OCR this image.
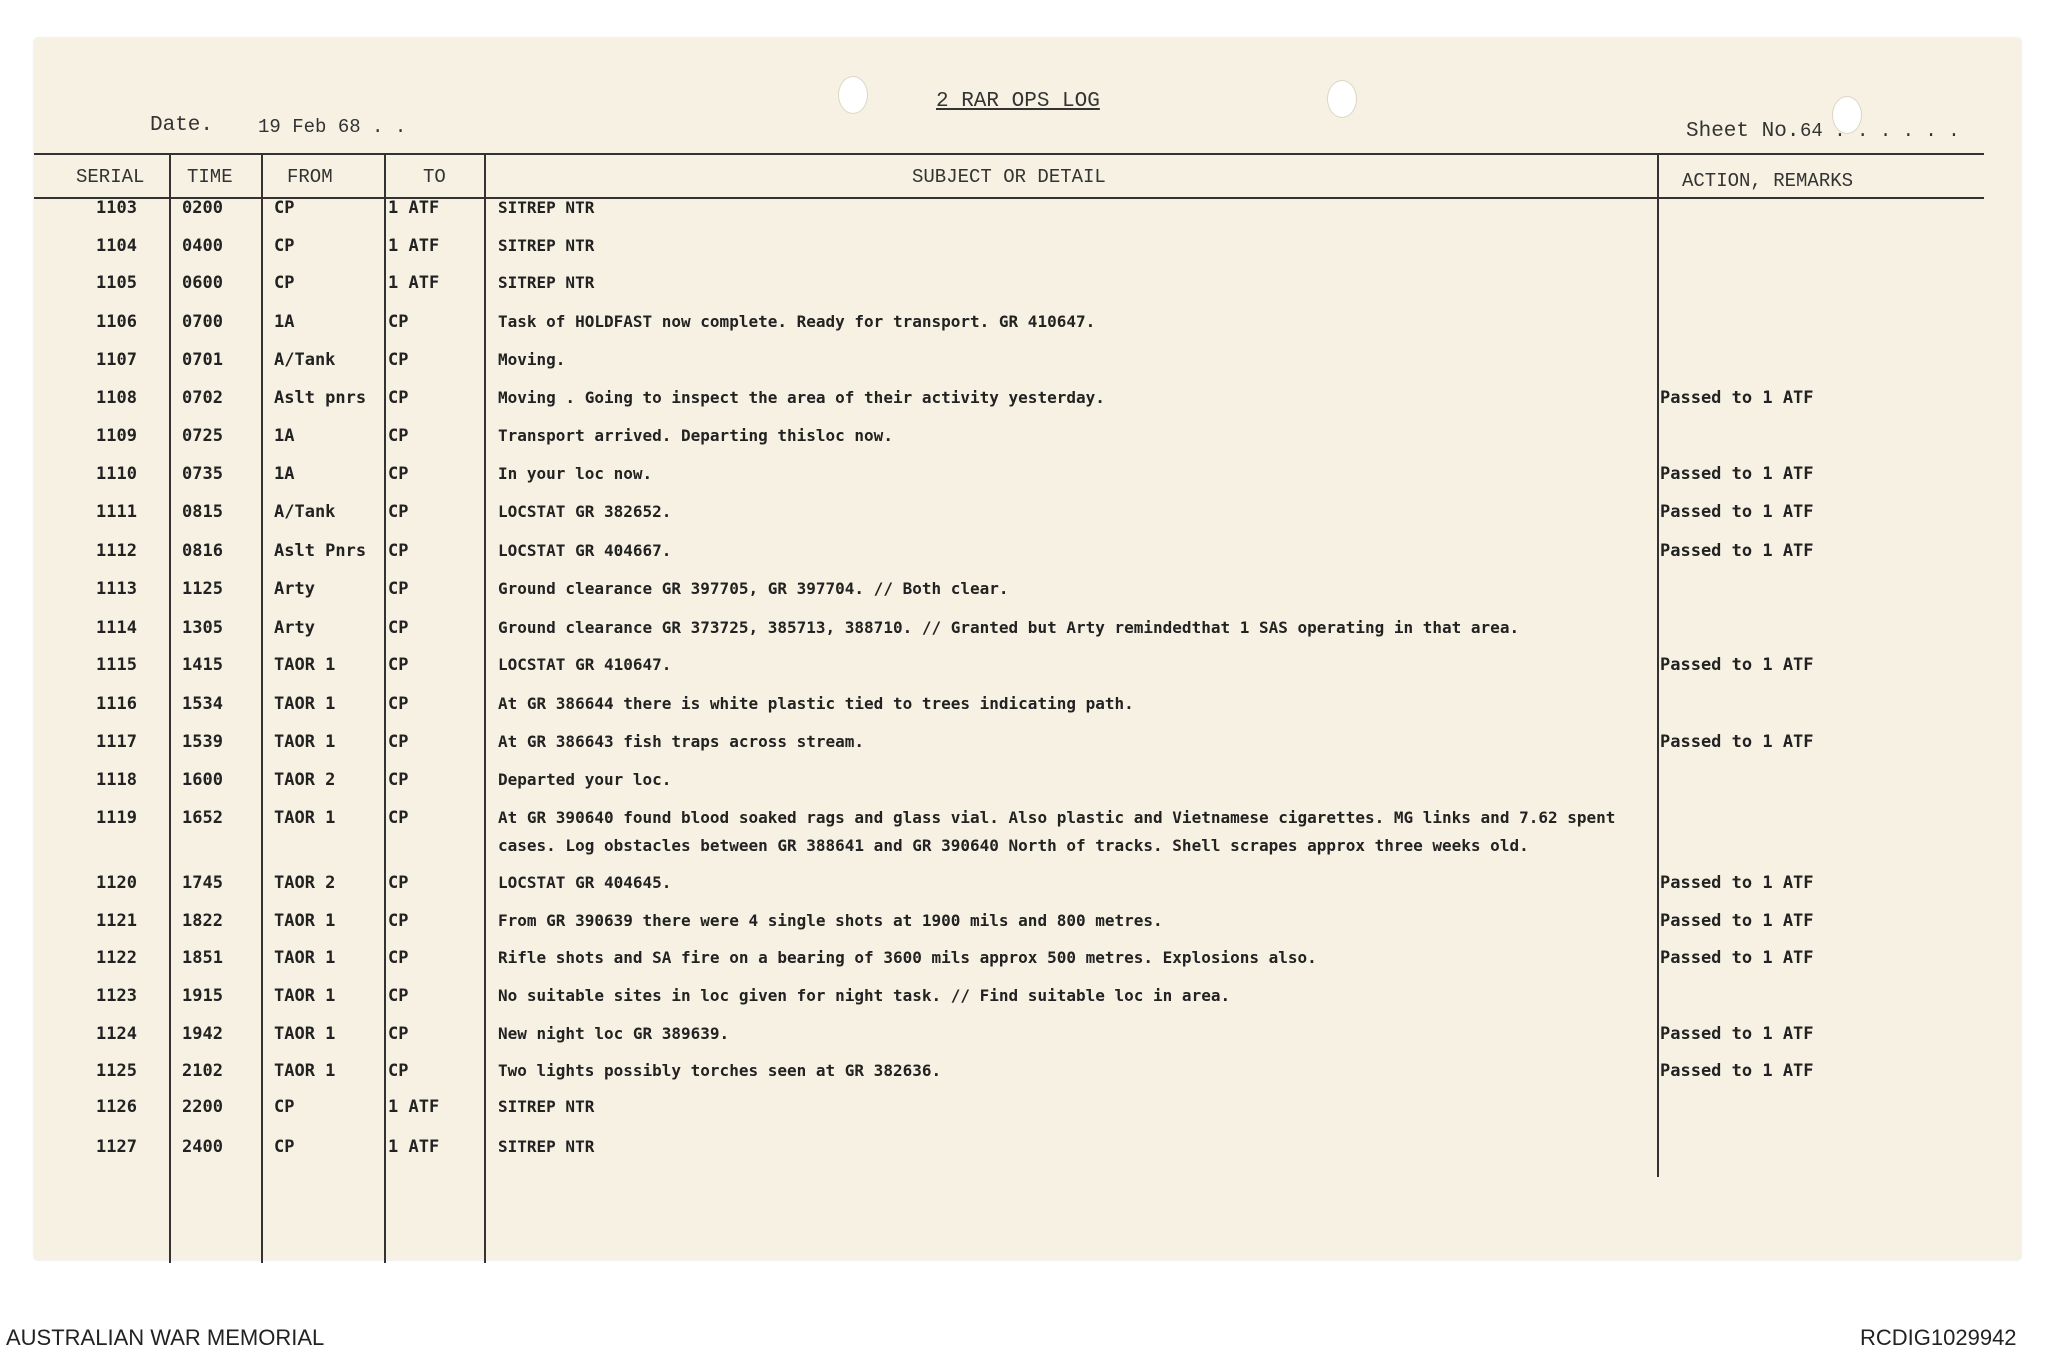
2 RAR OPS LOG
Date. 19 Feb 68 . .	Sheet No. 64 . . . . . .
SERIAL TIME	FROM	TO	SUBJECT OR DETAIL	ACTION, REMARKS
1103	0200	CP	1 ATF	SITREP NTR
1104	0400	CP	1 ATF	SITREP NTR
1105	0600	CP	1 ATF	SITREP NTR
1106	0700	1A	CP	Task of HOLDFAST now complete. Ready for transport. GR 410647.
1107	0701	A/Tank	CP	Moving.
1108	0702	Aslt pnrs CP	Moving . Going to inspect the area of their activity yesterday.	Passed to 1 ATF
1109	0725	1A	CP	Transport arrived. Departing thisloc now.
1110	0735	1A	CP	In your loc now.	Passed to 1 ATF
1111	0815	A/Tank	CP	LOCSTAT GR 382652.	Passed to 1 ATF
1112	0816	Aslt Pnrs CP	LOCSTAT GR 404667.	Passed to 1 ATF
1113	1125	Arty	CP	Ground clearance GR 397705, GR 397704. // Both clear.
1114	1305	Arty	CP	Ground clearance GR 373725, 385713, 388710. // Granted but Arty remindedthat 1 SAS operating in that area.
1115	1415	TAOR 1	CP	LOCSTAT GR 410647.	Passed to 1 ATF
1116	1534	TAOR 1	CP	At GR 386644 there is white plastic tied to trees indicating path.
1117	1539	TAOR 1	CP	At GR 386643 fish traps across stream.	Passed to 1 ATF
1118	1600	TAOR 2	CP	Departed your loc.
1119	1652	TAOR 1	CP	At GR 390640 found blood soaked rags and glass vial. Also plastic and Vietnamese cigarettes. MG links and 7.62 spent
cases. Log obstacles between GR 388641 and GR 390640 North of tracks. Shell scrapes approx three weeks old.
1120	1745	TAOR 2	CP	LOCSTAT GR 404645.	Passed to 1 ATF
1121	1822	TAOR 1	CP	From GR 390639 there were 4 single shots at 1900 mils and 800 metres.	Passed to 1 ATF
1122	1851	TAOR 1	CP	Rifle shots and SA fire on a bearing of 3600 mils approx 500 metres. Explosions also.	Passed to 1 ATF
1123	1915	TAOR 1	CP	No suitable sites in loc given for night task. // Find suitable loc in area.
1124	1942	TAOR 1	CP	New night loc GR 389639.	Passed to 1 ATF
1125	2102	TAOR 1	CP	Two lights possibly torches seen at GR 382636.	Passed to 1 ATF
1126	2200	CP	1 ATF	SITREP NTR
1127	2400	CP	1 ATF	SITREP NTR
AUSTRALIAN WAR MEMORIAL	RCDIG1029942
